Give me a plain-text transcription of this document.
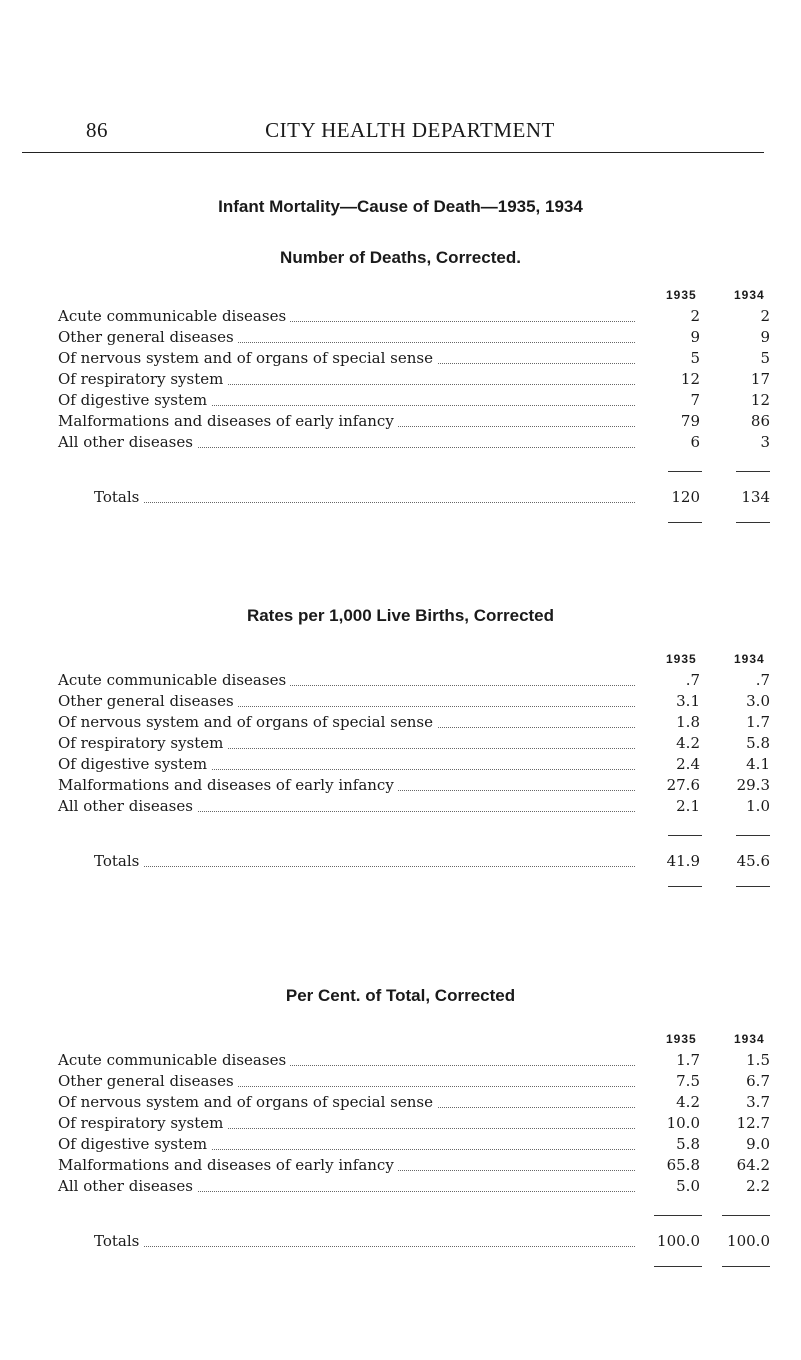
86	CITY HEALTH DEPARTMENT
Infant Mortality—Cause of Death—1935, 1934
Number of Deaths, Corrected.
1935	1934
Acute communicable diseases	2	2
Other general diseases	9	9
Of nervous system and of organs of special sense	5	5
Of respiratory system	12	17
Of digestive system	7	12
Malformations and diseases of early infancy	79	86
All other diseases	6	3
Totals	120	134
Rates per 1,000 Live Births, Corrected
1935	1934
Acute communicable diseases	.7	.7
Other general diseases	3.1	3.0
Of nervous system and of organs of special sense	1.8	1.7
Of respiratory system	4.2	5.8
Of digestive system	2.4	4.1
Malformations and diseases of early infancy	27.6	29.3
All other diseases	2.1	1.0
Totals	41.9	45.6
Per Cent. of Total, Corrected
1935	1934
Acute communicable diseases	1.7	1.5
Other general diseases	7.5	6.7
Of nervous system and of organs of special sense	4.2	3.7
Of respiratory system	10.0	12.7
Of digestive system	5.8	9.0
Malformations and diseases of early infancy	65.8	64.2
All other diseases	5.0	2.2
Totals	100.0	100.0
